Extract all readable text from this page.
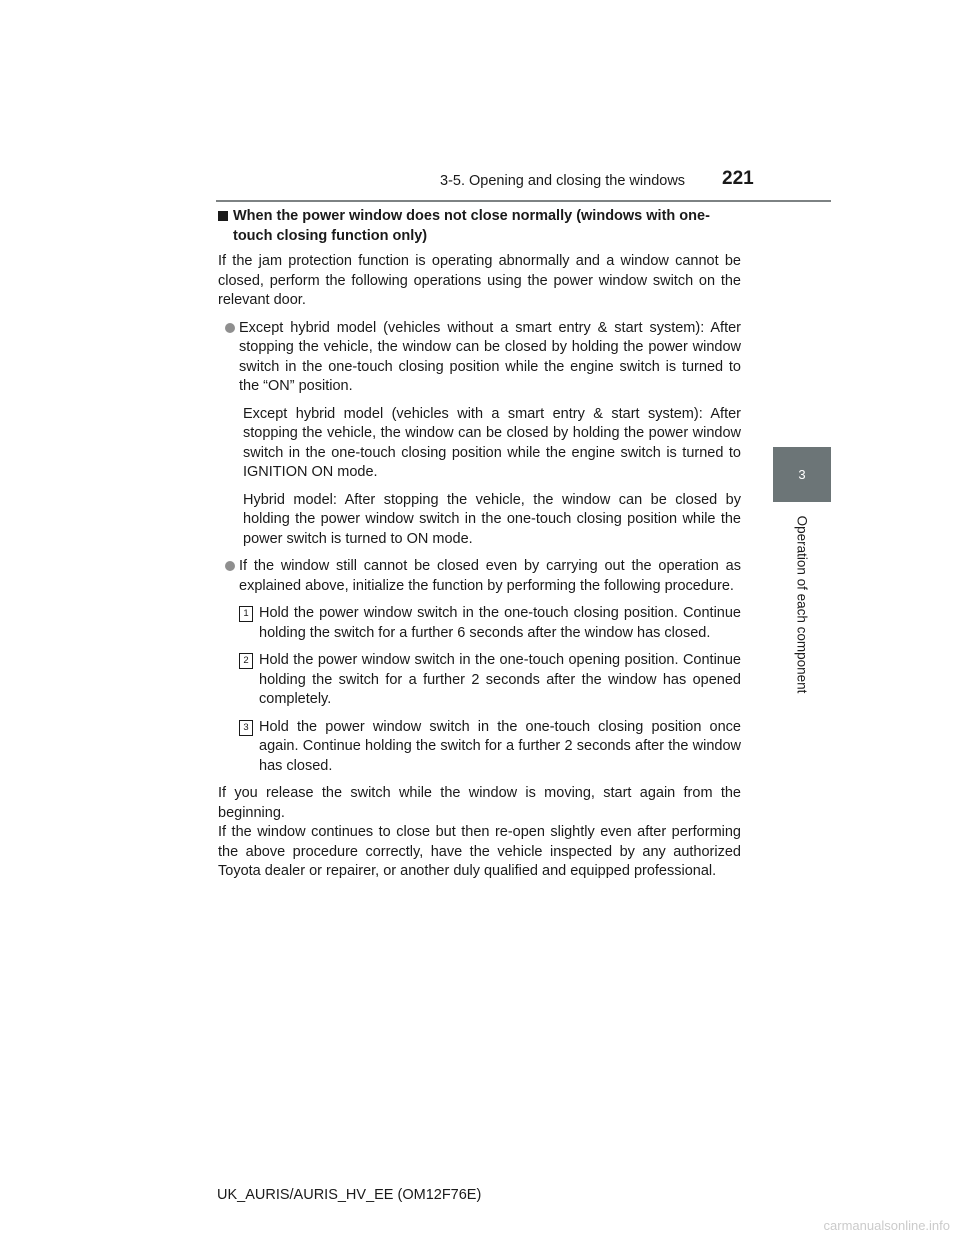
3-5. Opening and closing the windows 221
3
Operation of each component
When the power window does not close normally (windows with one-touch closing function only)

If the jam protection function is operating abnormally and a window cannot be closed, perform the following operations using the power window switch on the relevant door.

Except hybrid model (vehicles without a smart entry & start system): After stopping the vehicle, the window can be closed by holding the power window switch in the one-touch closing position while the engine switch is turned to the “ON” position.

Except hybrid model (vehicles with a smart entry & start system): After stopping the vehicle, the window can be closed by holding the power window switch in the one-touch closing position while the engine switch is turned to IGNITION ON mode.

Hybrid model: After stopping the vehicle, the window can be closed by holding the power window switch in the one-touch closing position while the power switch is turned to ON mode.

If the window still cannot be closed even by carrying out the operation as explained above, initialize the function by performing the following procedure.

1 Hold the power window switch in the one-touch closing position. Continue holding the switch for a further 6 seconds after the window has closed.

2 Hold the power window switch in the one-touch opening position. Continue holding the switch for a further 2 seconds after the window has opened completely.

3 Hold the power window switch in the one-touch closing position once again. Continue holding the switch for a further 2 seconds after the window has closed.

If you release the switch while the window is moving, start again from the beginning.

If the window continues to close but then re-open slightly even after performing the above procedure correctly, have the vehicle inspected by any authorized Toyota dealer or repairer, or another duly qualified and equipped professional.

UK_AURIS/AURIS_HV_EE (OM12F76E)
carmanualsonline.info
